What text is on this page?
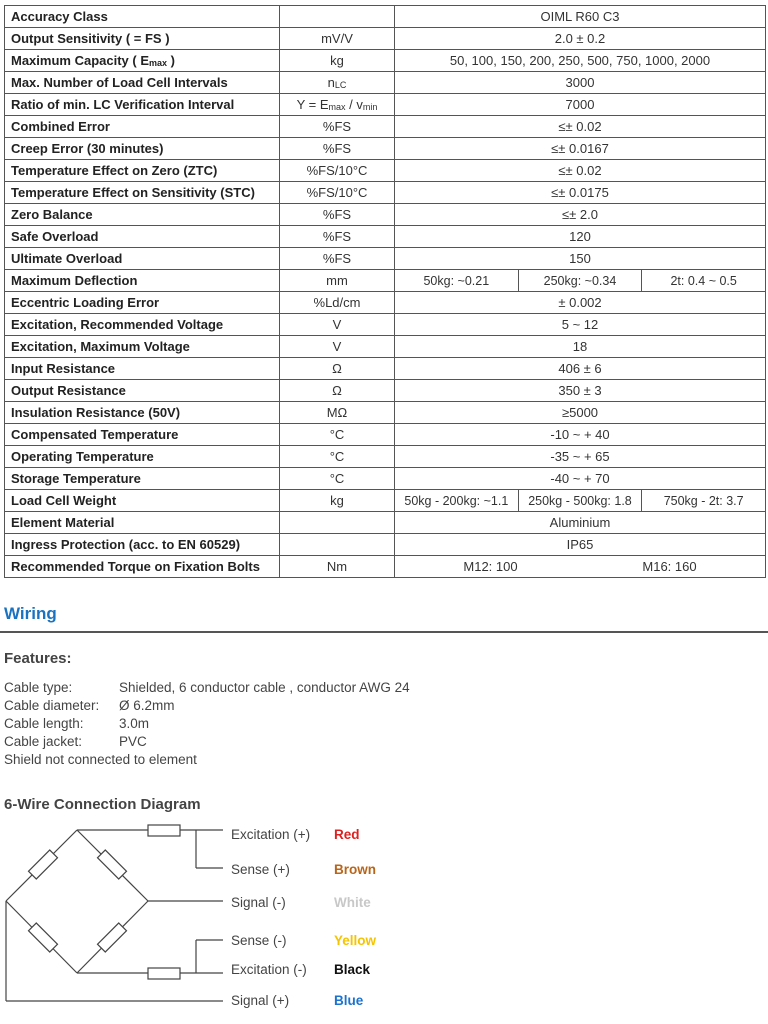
Accuracy Class		OIML R60 C3		
Output Sensitivity ( = FS )	mV/V	2.0 ± 0.2		
Maximum Capacity ( $E_{max}$ )	kg	50, 100, 150, 200, 250, 500, 750, 1000, 2000		
Max. Number of Load Cell Intervals	$n_{LC}$	3000		
Ratio of min. LC Verification Interval	$Y = E_{max} / v_{min}$	7000		
Combined Error	%FS	≤± 0.02		
Creep Error (30 minutes)	%FS	≤± 0.0167		
Temperature Effect on Zero (ZTC)	%FS/10°C	≤± 0.02		
Temperature Effect on Sensitivity (STC)	%FS/10°C	≤± 0.0175		
Zero Balance	%FS	≤± 2.0		
Safe Overload	%FS	120		
Ultimate Overload	%FS	150		
Maximum Deflection	mm	50kg: ~0.21	250kg: ~0.34	2t: 0.4 ~ 0.5
Eccentric Loading Error	%Ld/cm	± 0.002		
Excitation, Recommended Voltage	V	5 ~ 12		
Excitation, Maximum Voltage	V	18		
Input Resistance	Ω	406 ± 6		
Output Resistance	Ω	350 ± 3		
Insulation Resistance (50V)	MΩ	≥5000		
Compensated Temperature	°C	-10 ~ + 40		
Operating Temperature	°C	-35 ~ + 65		
Storage Temperature	°C	-40 ~ + 70		
Load Cell Weight	kg	50kg - 200kg: ~1.1	250kg - 500kg: 1.8	750kg - 2t: 3.7
Element Material		Aluminium		
Ingress Protection (acc. to EN 60529)		IP65		
Recommended Torque on Fixation Bolts	Nm	M12: 100 M16: 160		
Wiring
Features:
Cable type:	Shielded, 6 conductor cable , conductor AWG 24
Cable diameter: Ø 6.2mm
Cable length:	3.0m
Cable jacket:	PVC
Shield not connected to element
6-Wire Connection Diagram
Excitation (+)
Sense (+)
Signal (-)
Sense (-)
Excitation (-)
Signal (+)
Red
Brown
White
Yellow
Black
Blue
